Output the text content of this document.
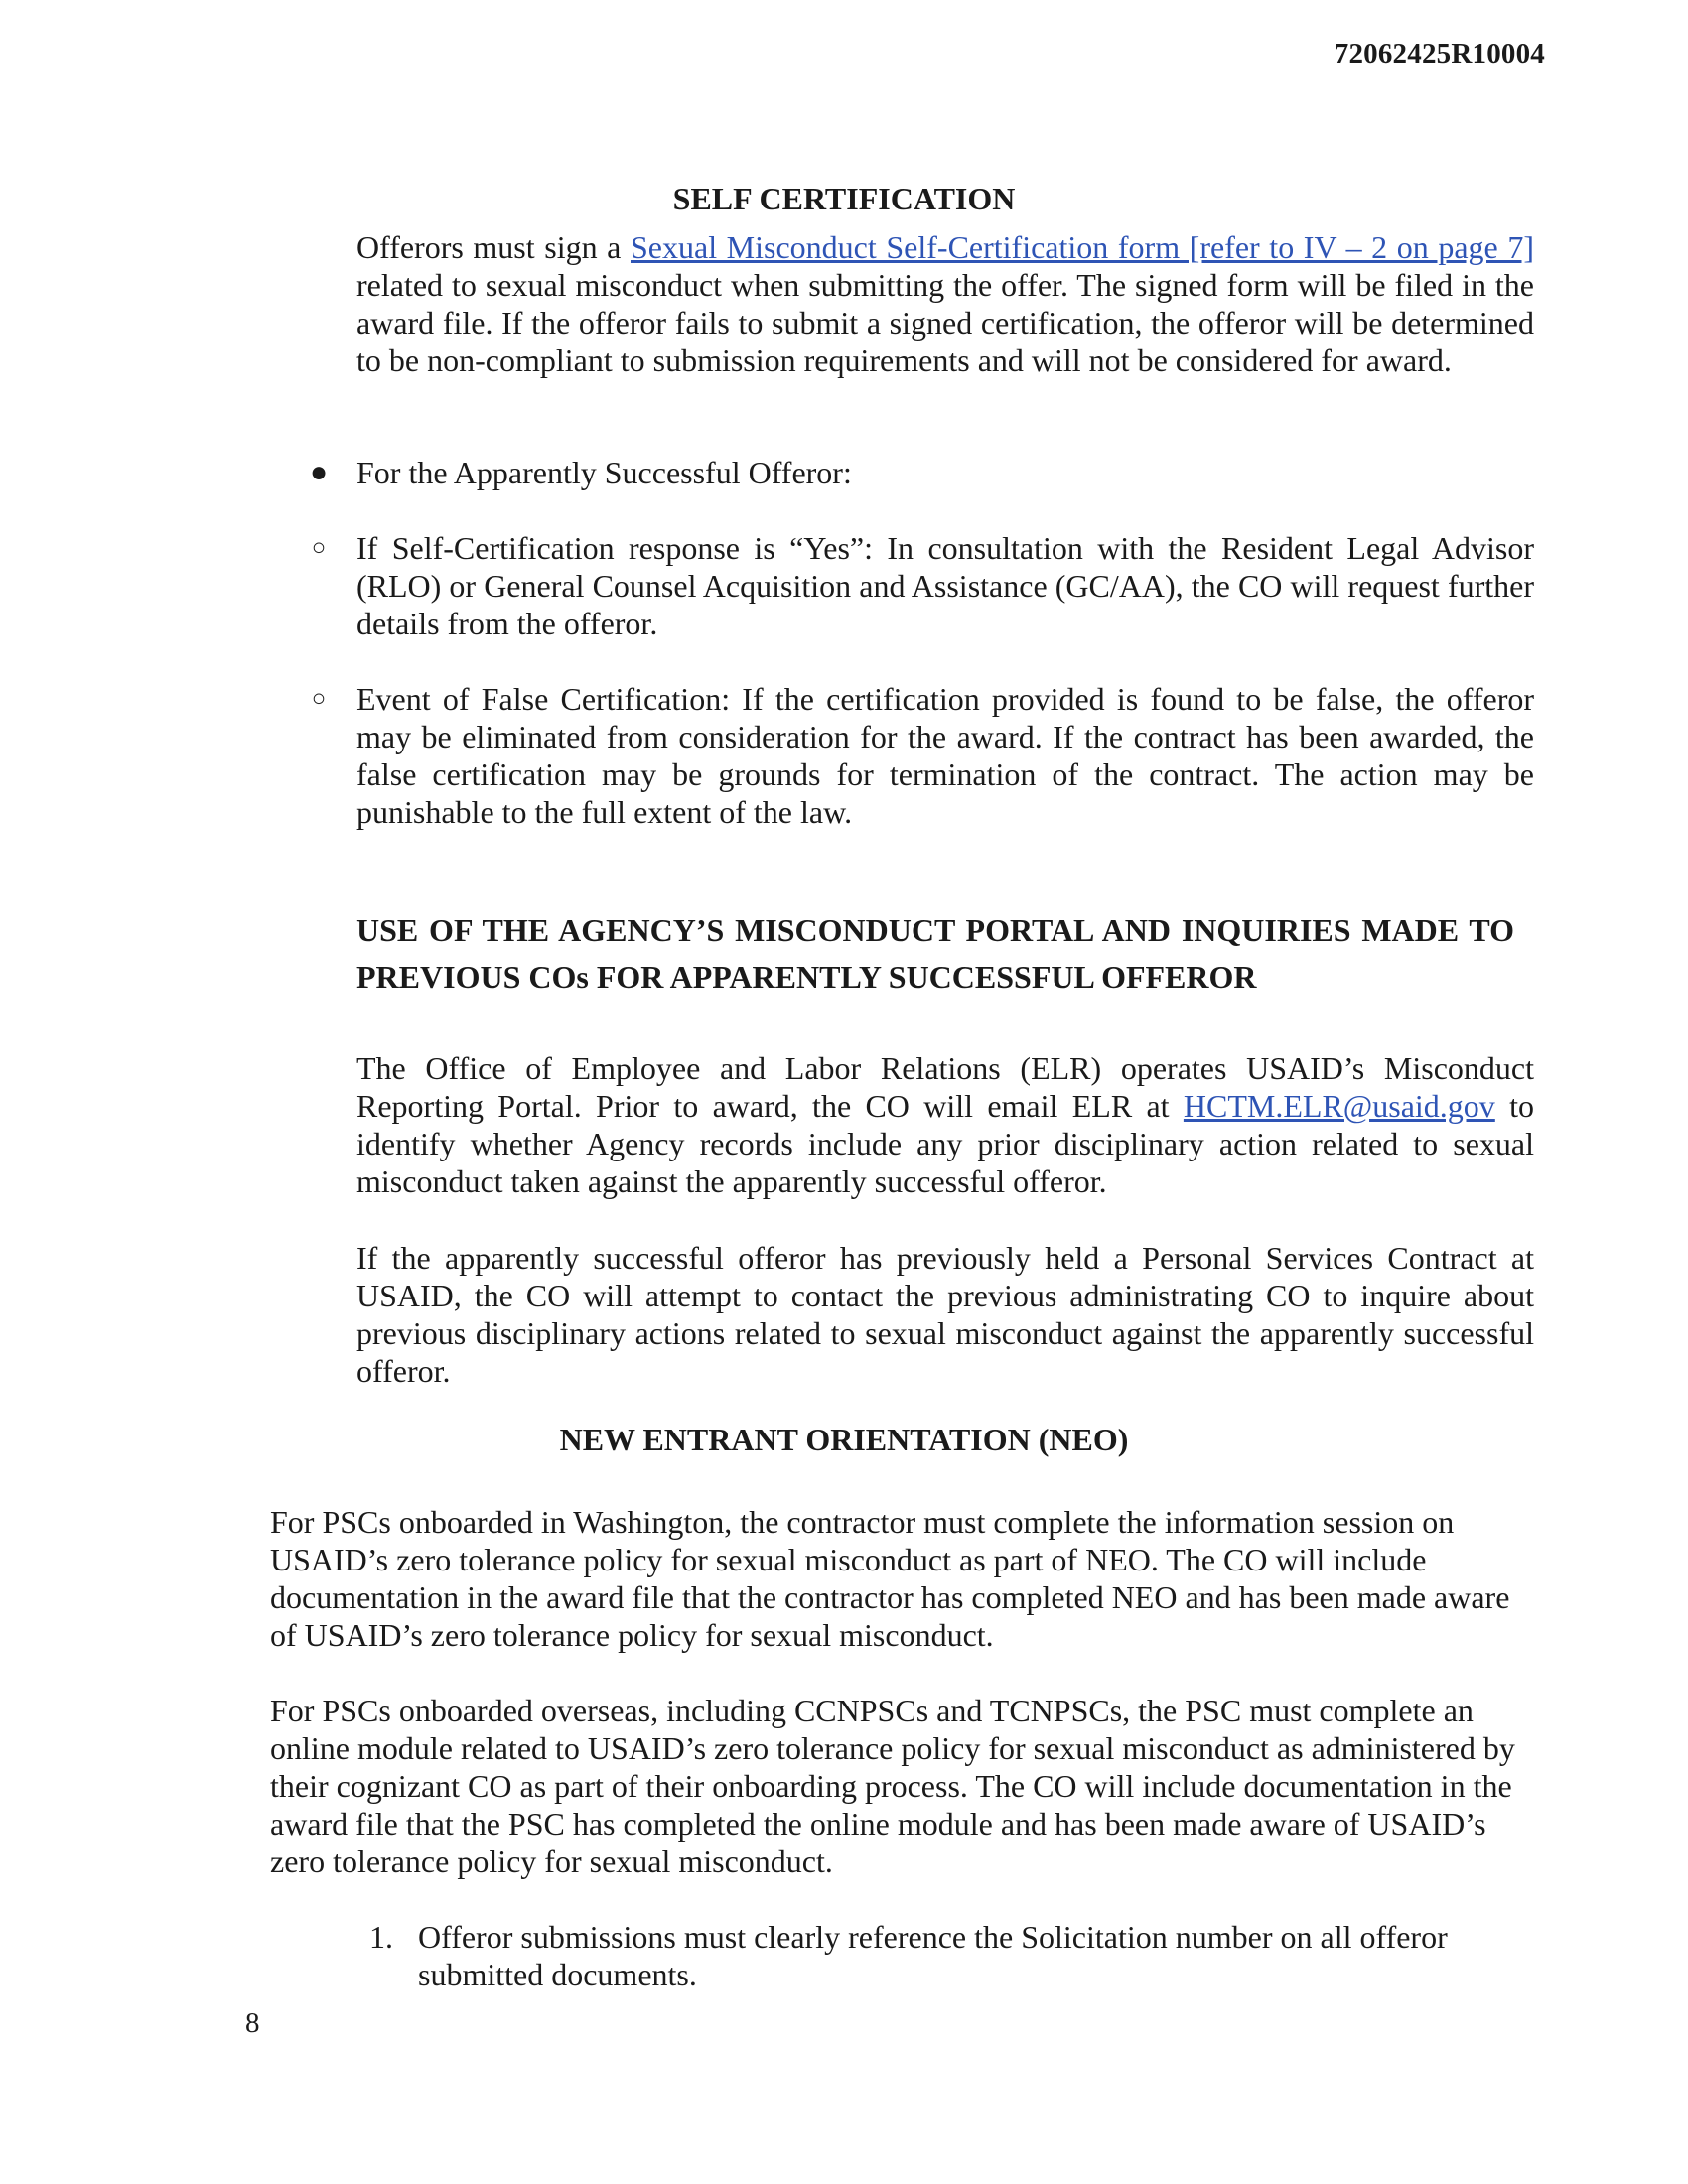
72062425R10004
SELF CERTIFICATION

Offerors must sign a Sexual Misconduct Self-Certification form [refer to IV – 2 on page 7] related to sexual misconduct when submitting the offer. The signed form will be filed in the award file. If the offeror fails to submit a signed certification, the offeror will be determined to be non-compliant to submission requirements and will not be considered for award.

● For the Apparently Successful Offeror:

○ If Self-Certification response is “Yes”: In consultation with the Resident Legal Advisor (RLO) or General Counsel Acquisition and Assistance (GC/AA), the CO will request further details from the offeror.

○ Event of False Certification: If the certification provided is found to be false, the offeror may be eliminated from consideration for the award. If the contract has been awarded, the false certification may be grounds for termination of the contract. The action may be punishable to the full extent of the law.

USE OF THE AGENCY’S MISCONDUCT PORTAL AND INQUIRIES MADE TO PREVIOUS COs FOR APPARENTLY SUCCESSFUL OFFEROR

The Office of Employee and Labor Relations (ELR) operates USAID’s Misconduct Reporting Portal. Prior to award, the CO will email ELR at HCTM.ELR@usaid.gov to identify whether Agency records include any prior disciplinary action related to sexual misconduct taken against the apparently successful offeror.

If the apparently successful offeror has previously held a Personal Services Contract at USAID, the CO will attempt to contact the previous administrating CO to inquire about previous disciplinary actions related to sexual misconduct against the apparently successful offeror.

NEW ENTRANT ORIENTATION (NEO)

For PSCs onboarded in Washington, the contractor must complete the information session on USAID’s zero tolerance policy for sexual misconduct as part of NEO. The CO will include documentation in the award file that the contractor has completed NEO and has been made aware of USAID’s zero tolerance policy for sexual misconduct.

For PSCs onboarded overseas, including CCNPSCs and TCNPSCs, the PSC must complete an online module related to USAID’s zero tolerance policy for sexual misconduct as administered by their cognizant CO as part of their onboarding process. The CO will include documentation in the award file that the PSC has completed the online module and has been made aware of USAID’s zero tolerance policy for sexual misconduct.

1. Offeror submissions must clearly reference the Solicitation number on all offeror submitted documents.

8
